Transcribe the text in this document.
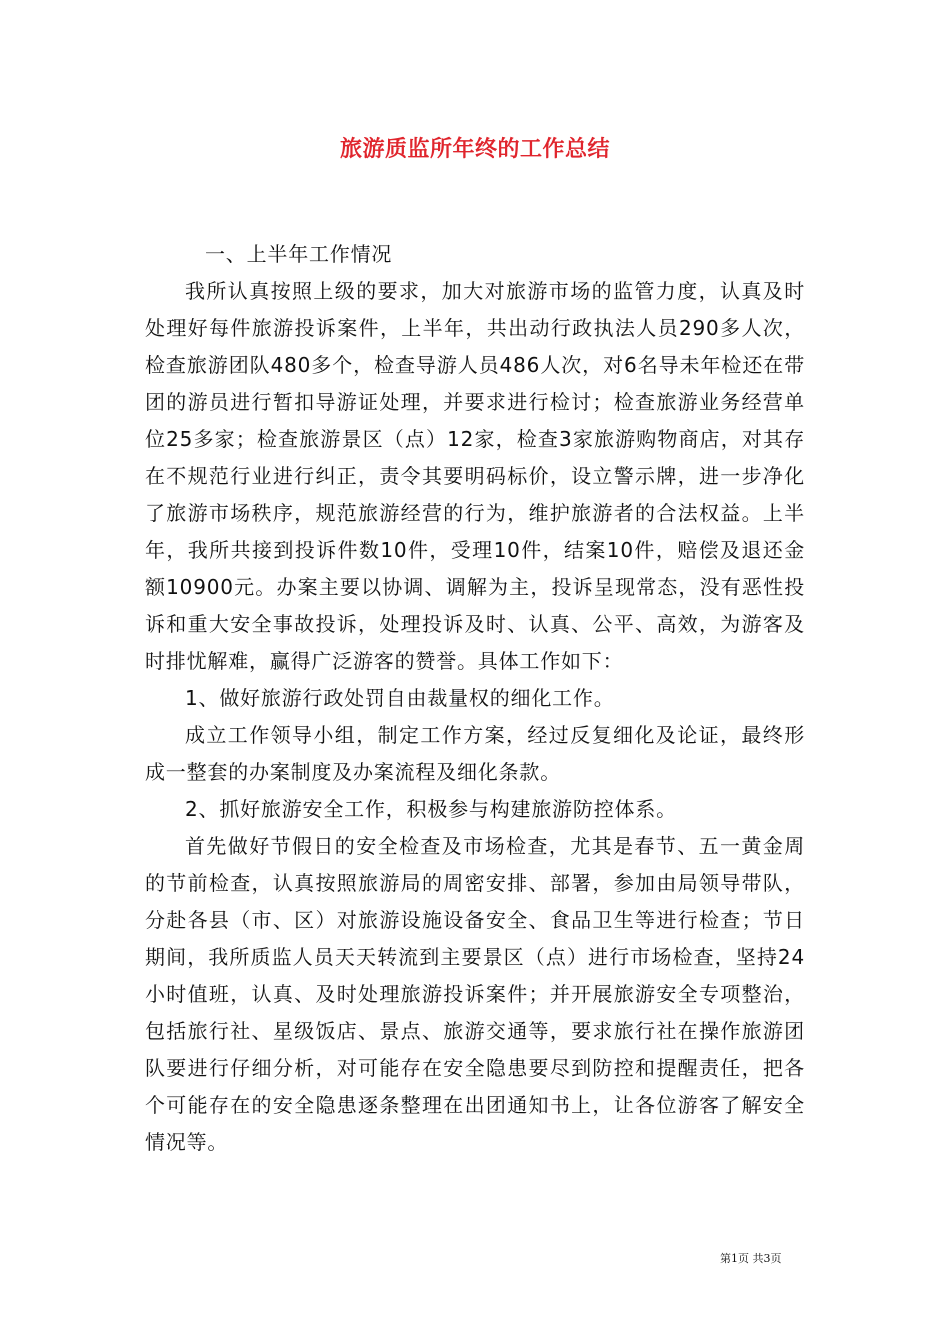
旅游质监所年终的工作总结

一、上半年工作情况

我所认真按照上级的要求，加大对旅游市场的监管力度，认真及时处理好每件旅游投诉案件，上半年，共出动行政执法人员290多人次，检查旅游团队480多个，检查导游人员486人次，对6名导未年检还在带团的游员进行暂扣导游证处理，并要求进行检讨；检查旅游业务经营单位25多家；检查旅游景区（点）12家，检查3家旅游购物商店，对其存在不规范行业进行纠正，责令其要明码标价，设立警示牌，进一步净化了旅游市场秩序，规范旅游经营的行为，维护旅游者的合法权益。上半年，我所共接到投诉件数10件，受理10件，结案10件，赔偿及退还金额10900元。办案主要以协调、调解为主，投诉呈现常态，没有恶性投诉和重大安全事故投诉，处理投诉及时、认真、公平、高效，为游客及时排忧解难，赢得广泛游客的赞誉。具体工作如下：

1、做好旅游行政处罚自由裁量权的细化工作。

成立工作领导小组，制定工作方案，经过反复细化及论证，最终形成一整套的办案制度及办案流程及细化条款。

2、抓好旅游安全工作，积极参与构建旅游防控体系。

首先做好节假日的安全检查及市场检查，尤其是春节、五一黄金周的节前检查，认真按照旅游局的周密安排、部署，参加由局领导带队，分赴各县（市、区）对旅游设施设备安全、食品卫生等进行检查；节日期间，我所质监人员天天转流到主要景区（点）进行市场检查，坚持24小时值班，认真、及时处理旅游投诉案件；并开展旅游安全专项整治，包括旅行社、星级饭店、景点、旅游交通等，要求旅行社在操作旅游团队要进行仔细分析，对可能存在安全隐患要尽到防控和提醒责任，把各个可能存在的安全隐患逐条整理在出团通知书上，让各位游客了解安全情况等。

第1页 共3页
